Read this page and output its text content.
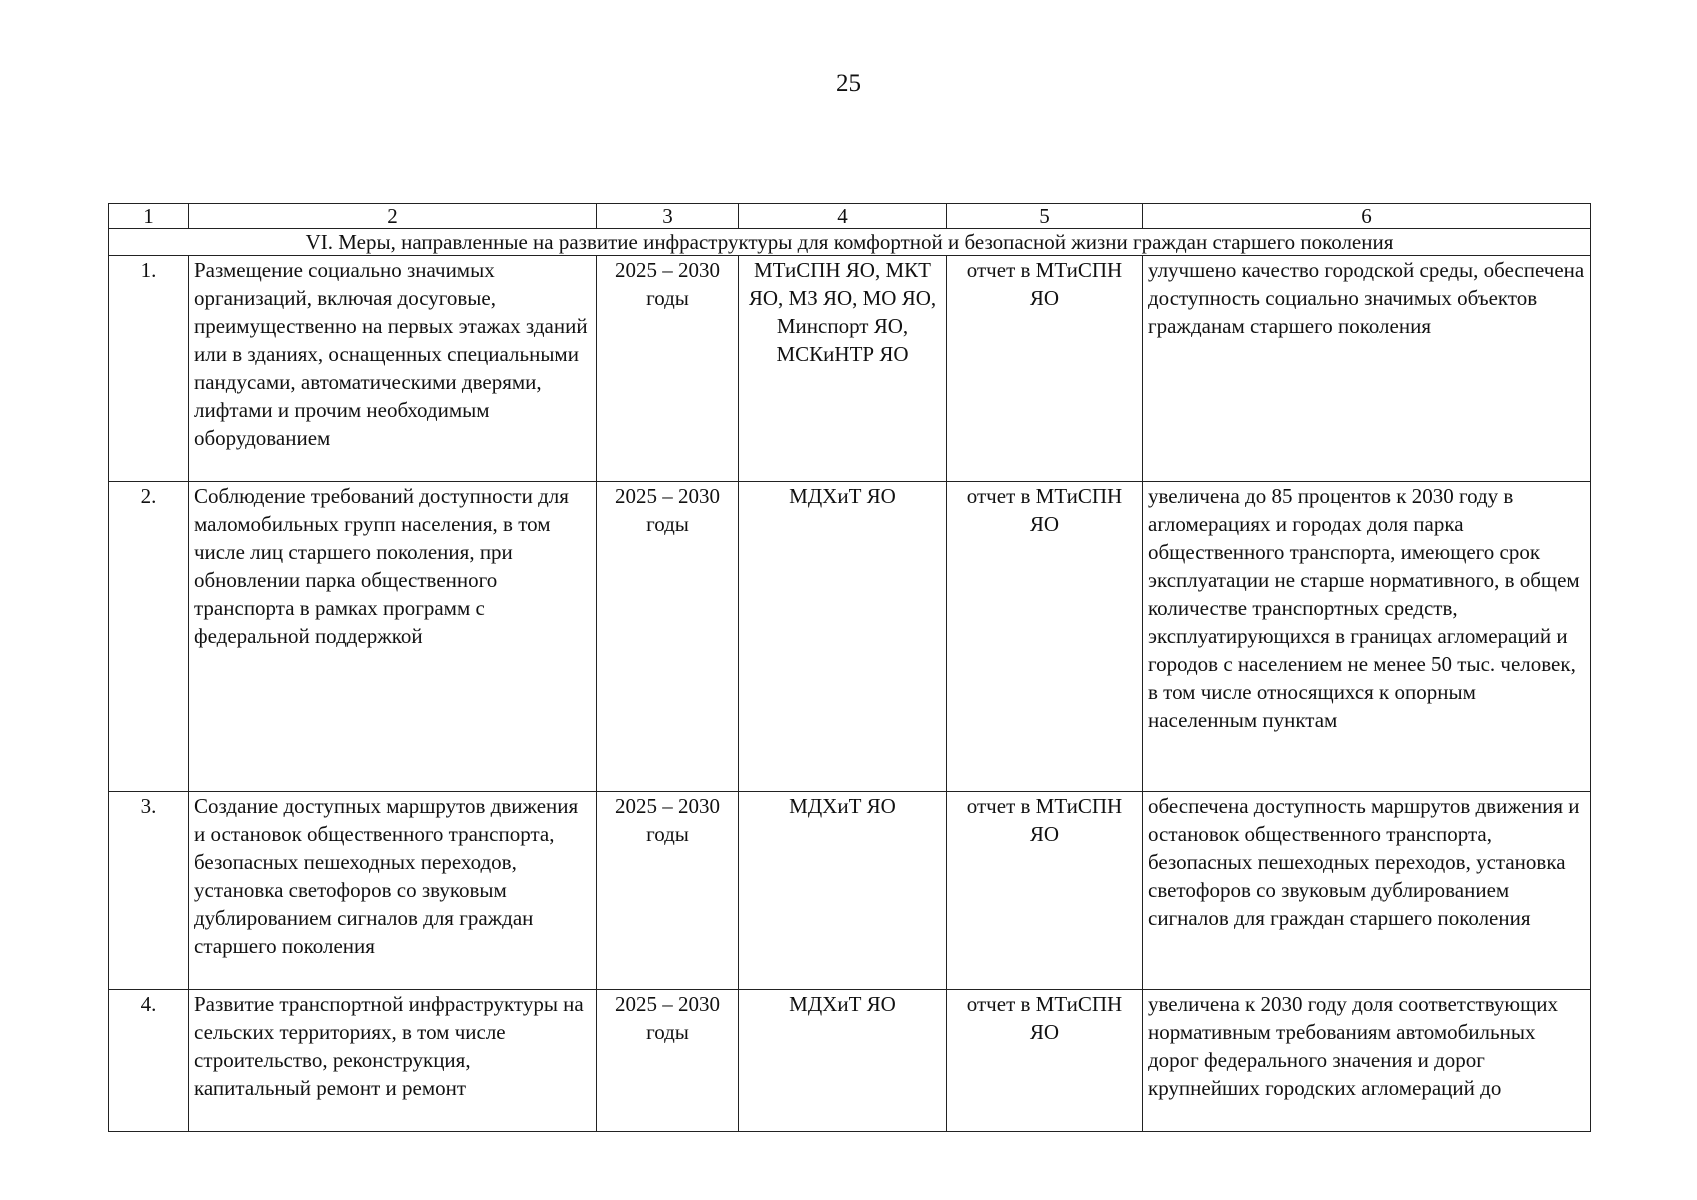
25
1	2	3	4	5	6
VI. Меры, направленные на развитие инфраструктуры для комфортной и безопасной жизни граждан старшего поколения					
1.	Размещение социально значимых организаций, включая досуговые, преимущественно на первых этажах зданий или в зданиях, оснащенных специальными пандусами, автоматическими дверями, лифтами и прочим необходимым оборудованием	2025 – 2030 годы	МТиСПН ЯО, МКТ ЯО, МЗ ЯО, МО ЯО, Минспорт ЯО, МСКиНТР ЯО	отчет в МТиСПН ЯО	улучшено качество городской среды, обеспечена доступность социально значимых объектов гражданам старшего поколения
2.	Соблюдение требований доступности для маломобильных групп населения, в том числе лиц старшего поколения, при обновлении парка общественного транспорта в рамках программ с федеральной поддержкой	2025 – 2030 годы	МДХиТ ЯО	отчет в МТиСПН ЯО	увеличена до 85 процентов к 2030 году в агломерациях и городах доля парка общественного транспорта, имеющего срок эксплуатации не старше нормативного, в общем количестве транспортных средств, эксплуатирующихся в границах агломераций и городов с населением не менее 50 тыс. человек, в том числе относящихся к опорным населенным пунктам
3.	Создание доступных маршрутов движения и остановок общественного транспорта, безопасных пешеходных переходов, установка светофоров со звуковым дублированием сигналов для граждан старшего поколения	2025 – 2030 годы	МДХиТ ЯО	отчет в МТиСПН ЯО	обеспечена доступность маршрутов движения и остановок общественного транспорта, безопасных пешеходных переходов, установка светофоров со звуковым дублированием сигналов для граждан старшего поколения
4.	Развитие транспортной инфраструктуры на сельских территориях, в том числе строительство, реконструкция, капитальный ремонт и ремонт	2025 – 2030 годы	МДХиТ ЯО	отчет в МТиСПН ЯО	увеличена к 2030 году доля соответствующих нормативным требованиям автомобильных дорог федерального значения и дорог крупнейших городских агломераций до
